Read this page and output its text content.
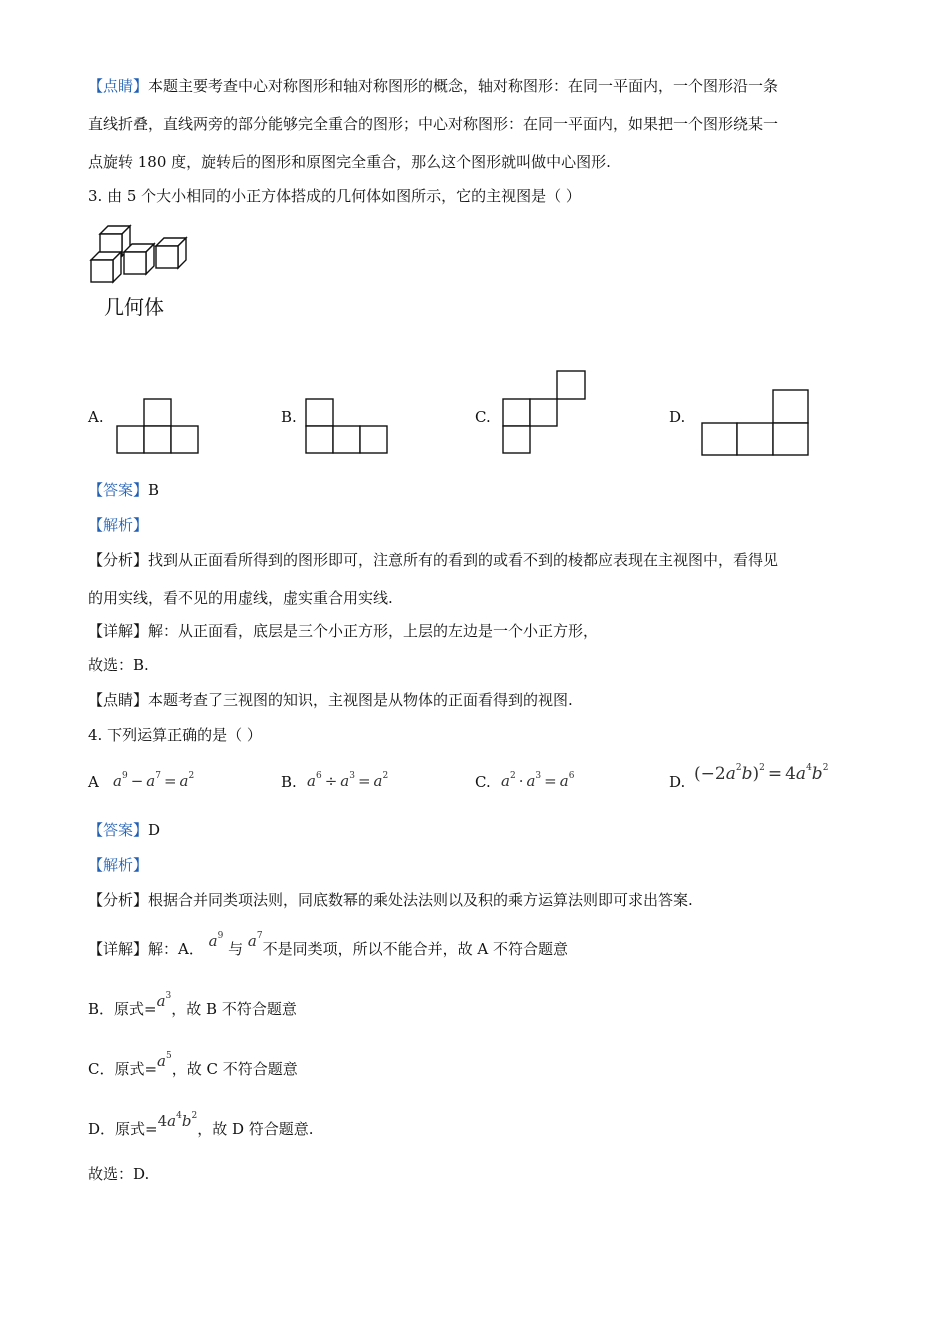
【点睛】本题主要考查中心对称图形和轴对称图形的概念，轴对称图形：在同一平面内，一个图形沿一条
直线折叠，直线两旁的部分能够完全重合的图形；中心对称图形：在同一平面内，如果把一个图形绕某一
点旋转 180 度，旋转后的图形和原图完全重合，那么这个图形就叫做中心图形.
3. 由 5 个大小相同的小正方体搭成的几何体如图所示，它的主视图是（ ）
几何体
A.	B.	C.	D.
【答案】B
【解析】
【分析】找到从正面看所得到的图形即可，注意所有的看到的或看不到的棱都应表现在主视图中，看得见
的用实线，看不见的用虚线，虚实重合用实线.
【详解】解：从正面看，底层是三个小正方形，上层的左边是一个小正方形，
故选：B.
【点睛】本题考查了三视图的知识，主视图是从物体的正面看得到的视图.
4. 下列运算正确的是（ ）
A $a^9 - a^7 = a^2$	B. $a^6 \div a^3 = a^2$	C. $a^2 \cdot a^3 = a^6$	D. $(-2a^2b)^2 = 4a^4b^2$
【答案】D
【解析】
【分析】根据合并同类项法则，同底数幂的乘处法法则以及积的乘方运算法则即可求出答案.
【详解】解：A． $a^9$ 与 $a^7$不是同类项，所以不能合并，故 A 不符合题意
B．原式$=a^3$，故 B 不符合题意
C．原式$=a^5$，故 C 不符合题意
D．原式$=4a^4b^2$，故 D 符合题意.
故选：D.
